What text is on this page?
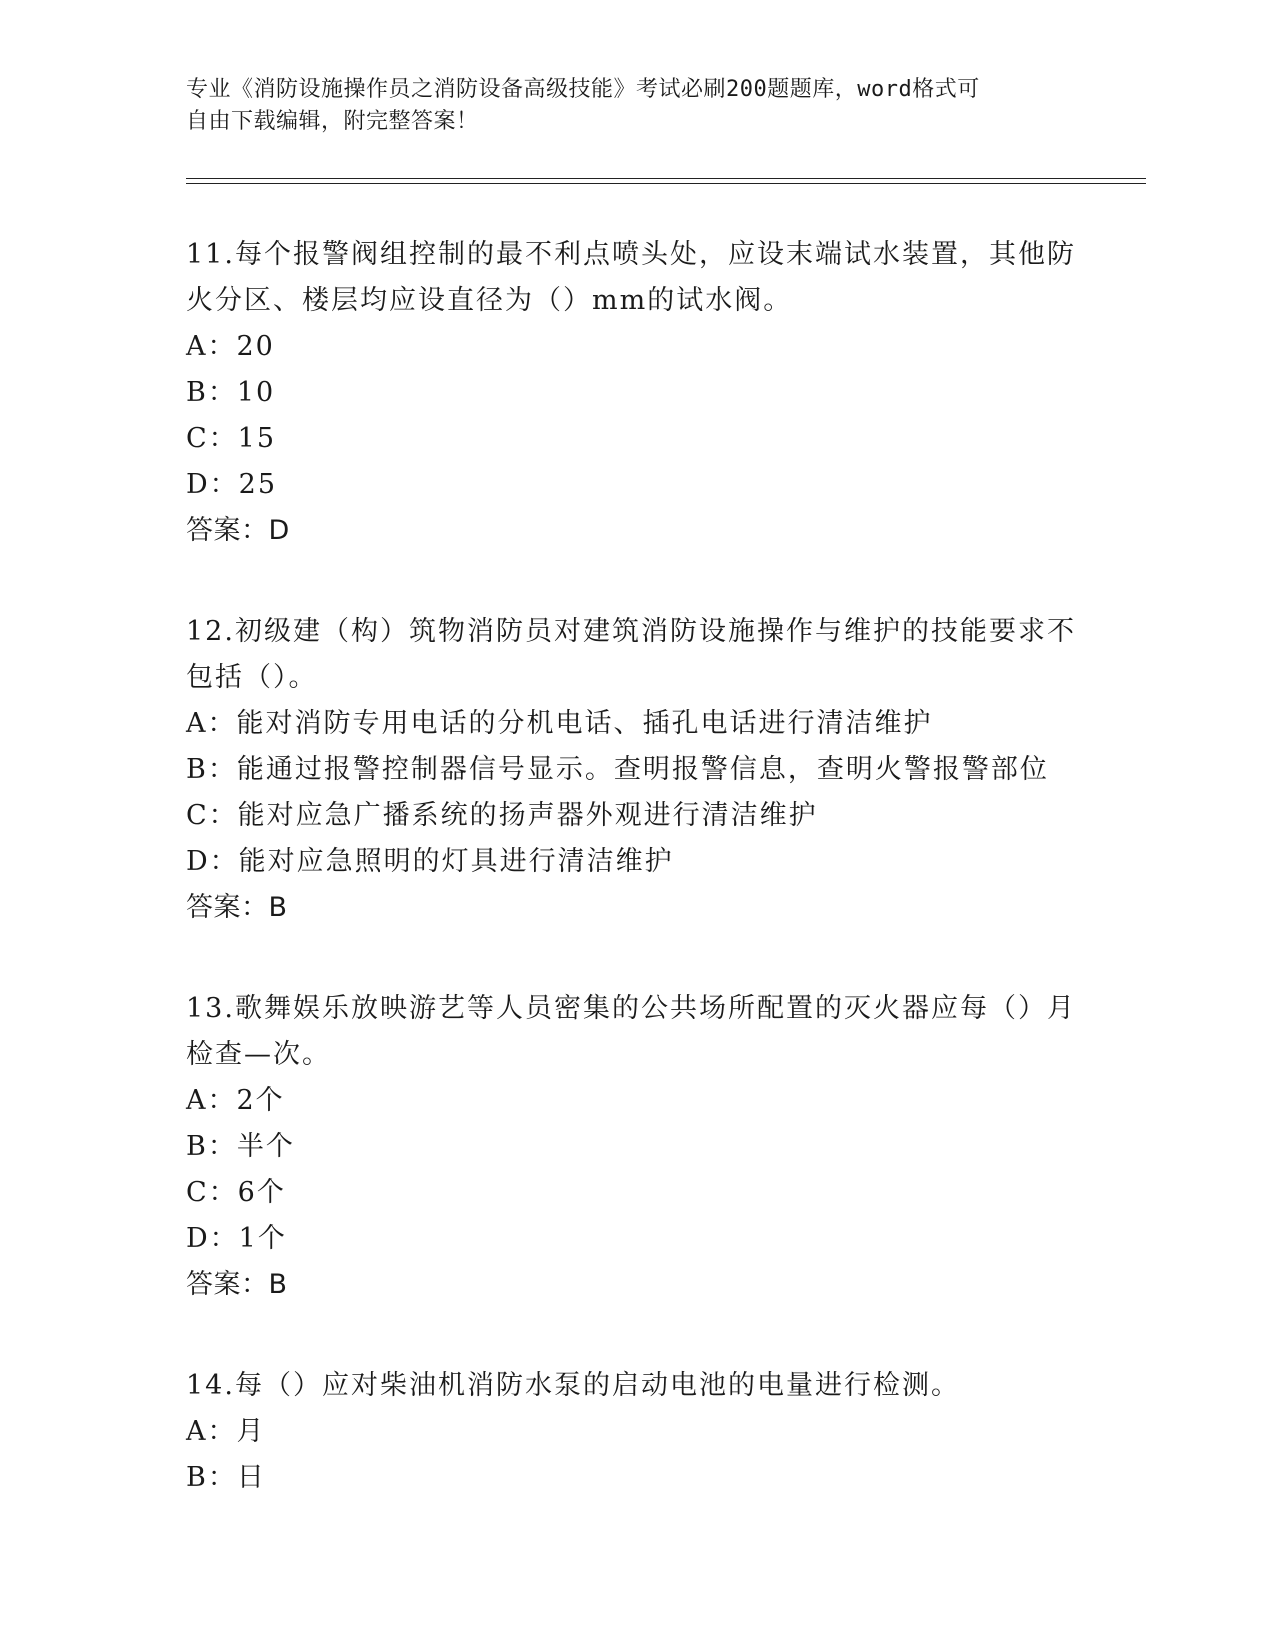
专业《消防设施操作员之消防设备高级技能》考试必刷200题题库，word格式可

自由下载编辑，附完整答案！

11.每个报警阀组控制的最不利点喷头处，应设末端试水装置，其他防

火分区、楼层均应设直径为（）mm的试水阀。

A：20

B：10

C：15

D：25

答案：D

12.初级建（构）筑物消防员对建筑消防设施操作与维护的技能要求不

包括（）。

A：能对消防专用电话的分机电话、插孔电话进行清洁维护

B：能通过报警控制器信号显示。查明报警信息，查明火警报警部位

C：能对应急广播系统的扬声器外观进行清洁维护

D：能对应急照明的灯具进行清洁维护

答案：B

13.歌舞娱乐放映游艺等人员密集的公共场所配置的灭火器应每（）月

检查—次。

A：2个

B：半个

C：6个

D：1个

答案：B

14.每（）应对柴油机消防水泵的启动电池的电量进行检测。

A：月

B：日
